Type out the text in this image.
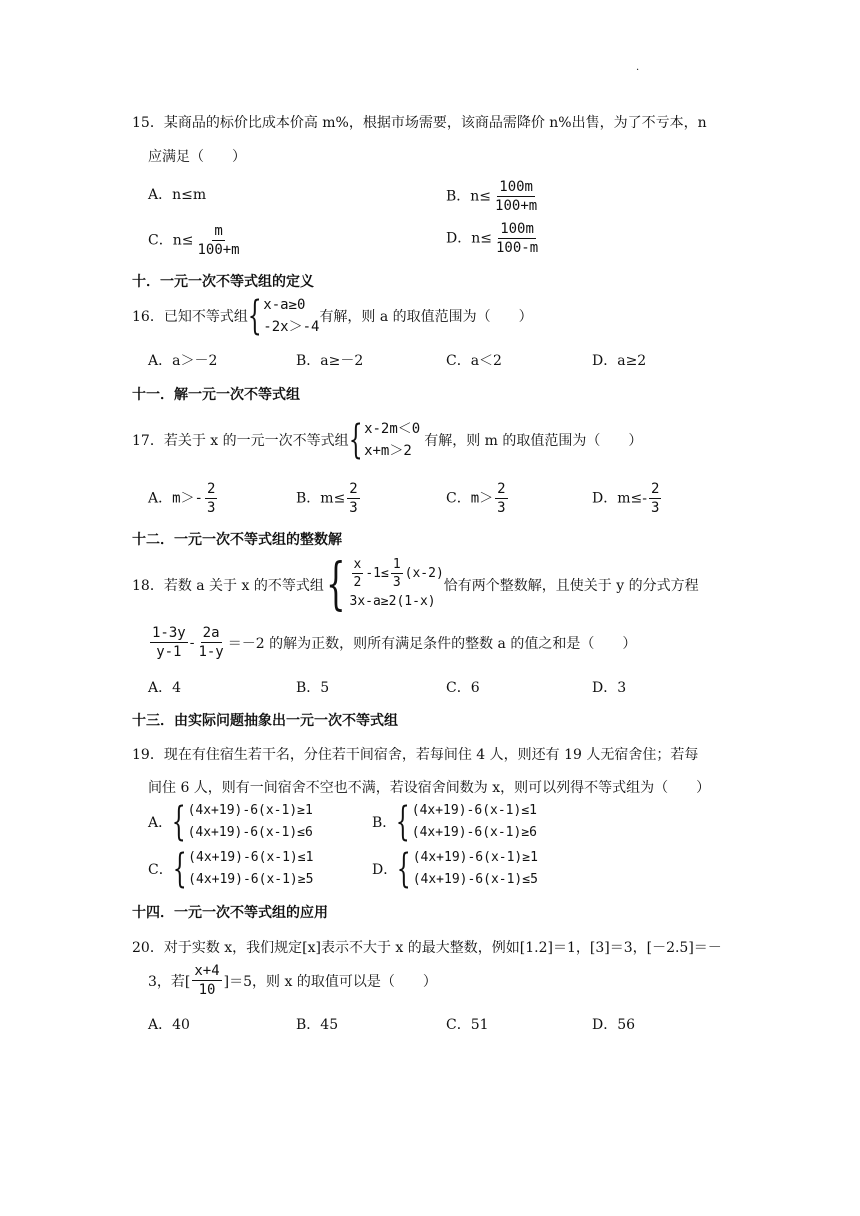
.
15．某商品的标价比成本价高 m%，根据市场需要，该商品需降价 n%出售，为了不亏本，n
应满足（　　）
A．n≤m	B．$n\le \frac{100m}{100+m}$
C．$n\le \frac{m}{100+m}$	D．$n\le \frac{100m}{100-m}$
十．一元一次不等式组的定义
16．已知不等式组 { x-a≥0
-2x＞-4
有解，则 a 的取值范围为（　　）
A．a＞－2	B．a≥－2	C．a＜2	D．a≥2
十一．解一元一次不等式组
17．若关于 x 的一元一次不等式组 { x-2m＜0
x+m＞2
有解，则 m 的取值范围为（　　）
A．$m>- \frac{2}{3}$	B．$m\le \frac{2}{3}$	C．$m> \frac{2}{3}$	D．$m\le- \frac{2}{3}$
十二．一元一次不等式组的整数解
18．若数 a 关于 x 的不等式组 { $\frac{x}{2} -1\le \frac{1}{3} (x-2)$
3x-a≥2(1-x)
恰有两个整数解，且使关于 y 的分式方程
$\frac{1-3y}{y-1} - \frac{2a}{1-y} =-2$ 的解为正数，则所有满足条件的整数 a 的值之和是（　　）
A．4	B．5	C．6	D．3
十三．由实际问题抽象出一元一次不等式组
19．现在有住宿生若干名，分住若干间宿舍，若每间住 4 人，则还有 19 人无宿舍住；若每
间住 6 人，则有一间宿舍不空也不满，若设宿舍间数为 x，则可以列得不等式组为（　　）
A． { (4x+19)-6(x-1)≥1
(4x+19)-6(x-1)≤6
B． { (4x+19)-6(x-1)≤1
(4x+19)-6(x-1)≥6
C． { (4x+19)-6(x-1)≤1
(4x+19)-6(x-1)≥5
D． { (4x+19)-6(x-1)≥1
(4x+19)-6(x-1)≤5
十四．一元一次不等式组的应用
20．对于实数 x，我们规定[x]表示不大于 x 的最大整数，例如[1.2]＝1，[3]＝3，[－2.5]＝－
3，若[ $\frac{x+4}{10} ]=5$，则 x 的取值可以是（　　）
A．40	B．45	C．51	D．56
